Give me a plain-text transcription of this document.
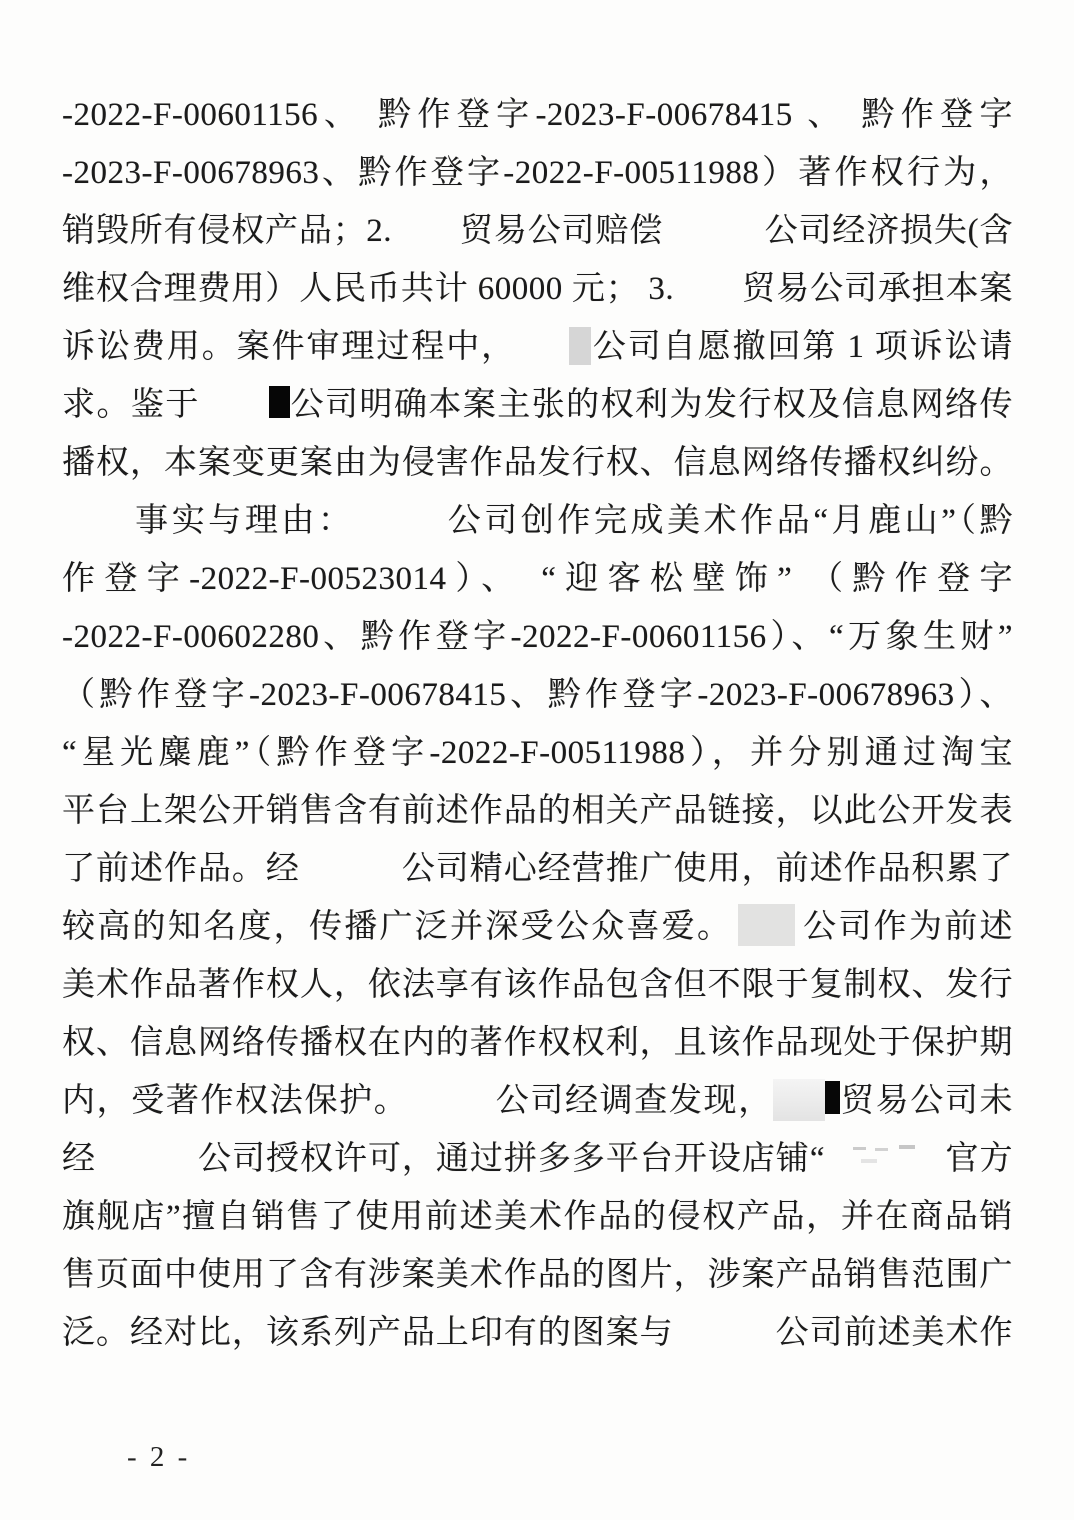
-2022-F-00601156、 黔作登字-2023-F-00678415 、 黔作登字
-2023-F-00678963、黔作登字-2022-F-00511988）著作权行为，
销毁所有侵权产品；2.　　贸易公司赔偿　　　公司经济损失(含
维权合理费用）人民币共计 60000 元； 3.　　贸易公司承担本案
诉讼费用。案件审理过程中，　　公司自愿撤回第 1 项诉讼请
求。鉴于　　公司明确本案主张的权利为发行权及信息网络传
播权，本案变更案由为侵害作品发行权、信息网络传播权纠纷。
　　事实与理由：　　　公司创作完成美术作品“月鹿山”（黔
作登字-2022-F-00523014）、 “迎客松壁饰” （黔作登字
-2022-F-00602280、黔作登字-2022-F-00601156）、“万象生财”
（黔作登字-2023-F-00678415、黔作登字-2023-F-00678963）、
“星光麋鹿”（黔作登字-2022-F-00511988），并分别通过淘宝
平台上架公开销售含有前述作品的相关产品链接，以此公开发表
了前述作品。经　　　公司精心经营推广使用，前述作品积累了
较高的知名度，传播广泛并深受公众喜爱。 公司作为前述
美术作品著作权人，依法享有该作品包含但不限于复制权、发行
权、信息网络传播权在内的著作权权利，且该作品现处于保护期
内，受著作权法保护。　　　公司经调查发现， 贸易公司未
经　　　公司授权许可，通过拼多多平台开设店铺“	官方
旗舰店”擅自销售了使用前述美术作品的侵权产品，并在商品销
售页面中使用了含有涉案美术作品的图片，涉案产品销售范围广
泛。经对比，该系列产品上印有的图案与　　　公司前述美术作
- 2 -
